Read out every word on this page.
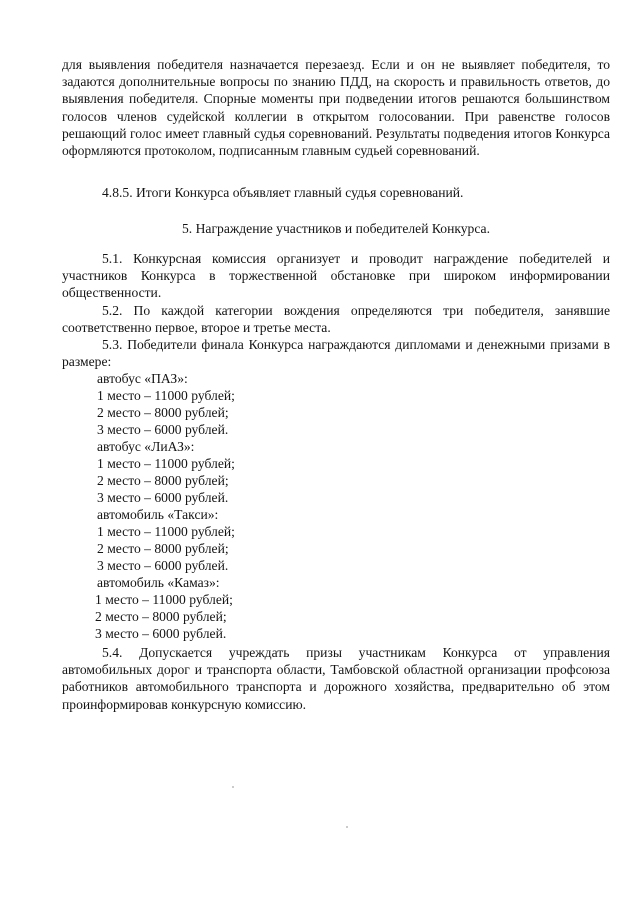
для выявления победителя назначается перезаезд. Если и он не выявляет победителя, то задаются дополнительные вопросы по знанию ПДД, на скорость и правильность ответов, до выявления победителя. Спорные моменты при подведении итогов решаются большинством голосов членов судейской коллегии в открытом голосовании. При равенстве голосов решающий голос имеет главный судья соревнований. Результаты подведения итогов Конкурса оформляются протоколом, подписанным главным судьей соревнований.

4.8.5. Итоги Конкурса объявляет главный судья соревнований.

5. Награждение участников и победителей Конкурса.

5.1. Конкурсная комиссия организует и проводит награждение победителей и участников Конкурса в торжественной обстановке при широком информировании общественности.

5.2. По каждой категории вождения определяются три победителя, занявшие соответственно первое, второе и третье места.

5.3. Победители финала Конкурса награждаются дипломами и денежными призами в размере:

автобус «ПАЗ»:
1 место – 11000 рублей;
2 место – 8000 рублей;
3 место – 6000 рублей.
автобус «ЛиАЗ»:
1 место – 11000 рублей;
2 место – 8000 рублей;
3 место – 6000 рублей.
автомобиль «Такси»:
1 место – 11000 рублей;
2 место – 8000 рублей;
3 место – 6000 рублей.
автомобиль «Камаз»:
1 место – 11000 рублей;
2 место – 8000 рублей;
3 место – 6000 рублей.

5.4. Допускается учреждать призы участникам Конкурса от управления автомобильных дорог и транспорта области, Тамбовской областной организации профсоюза работников автомобильного транспорта и дорожного хозяйства, предварительно об этом проинформировав конкурсную комиссию.
